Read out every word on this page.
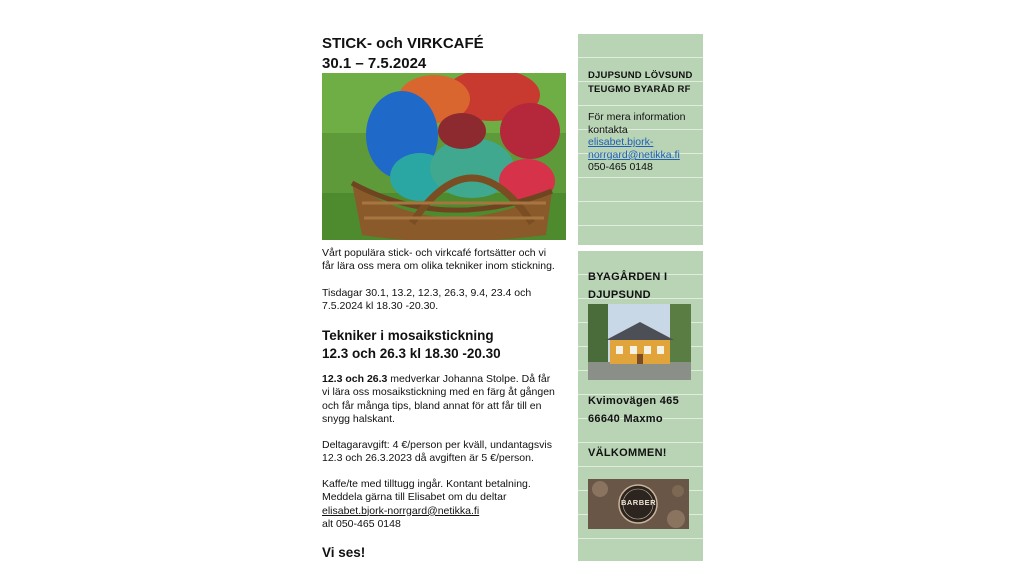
STICK- och VIRKCAFÉ

30.1 – 7.5.2024

Vårt populära stick- och virkcafé fortsätter och vi
får lära oss mera om olika tekniker inom stickning.

Tisdagar 30.1, 13.2, 12.3, 26.3, 9.4, 23.4 och
7.5.2024 kl 18.30 -20.30.

Tekniker i mosaikstickning

12.3 och 26.3 kl 18.30 -20.30

12.3 och 26.3 medverkar Johanna Stolpe. Då får
vi lära oss mosaikstickning med en färg åt gången
och får många tips, bland annat för att får till en
snygg halskant.

Deltagaravgift: 4 €/person per kväll, undantagsvis
12.3 och 26.3.2023 då avgiften är 5 €/person.

Kaffe/te med tilltugg ingår. Kontant betalning.
Meddela gärna till Elisabet om du deltar
elisabet.bjork-norrgard@netikka.fi
alt 050-465 0148

Vi ses!

DJUPSUND LÖVSUND

TEUGMO BYARÅD RF

För mera information
kontakta
elisabet.bjork-
norrgard@netikka.fi
050-465 0148

BYAGÅRDEN I

DJUPSUND

Kvimovägen 465

66640 Maxmo

VÄLKOMMEN!

BARBER
